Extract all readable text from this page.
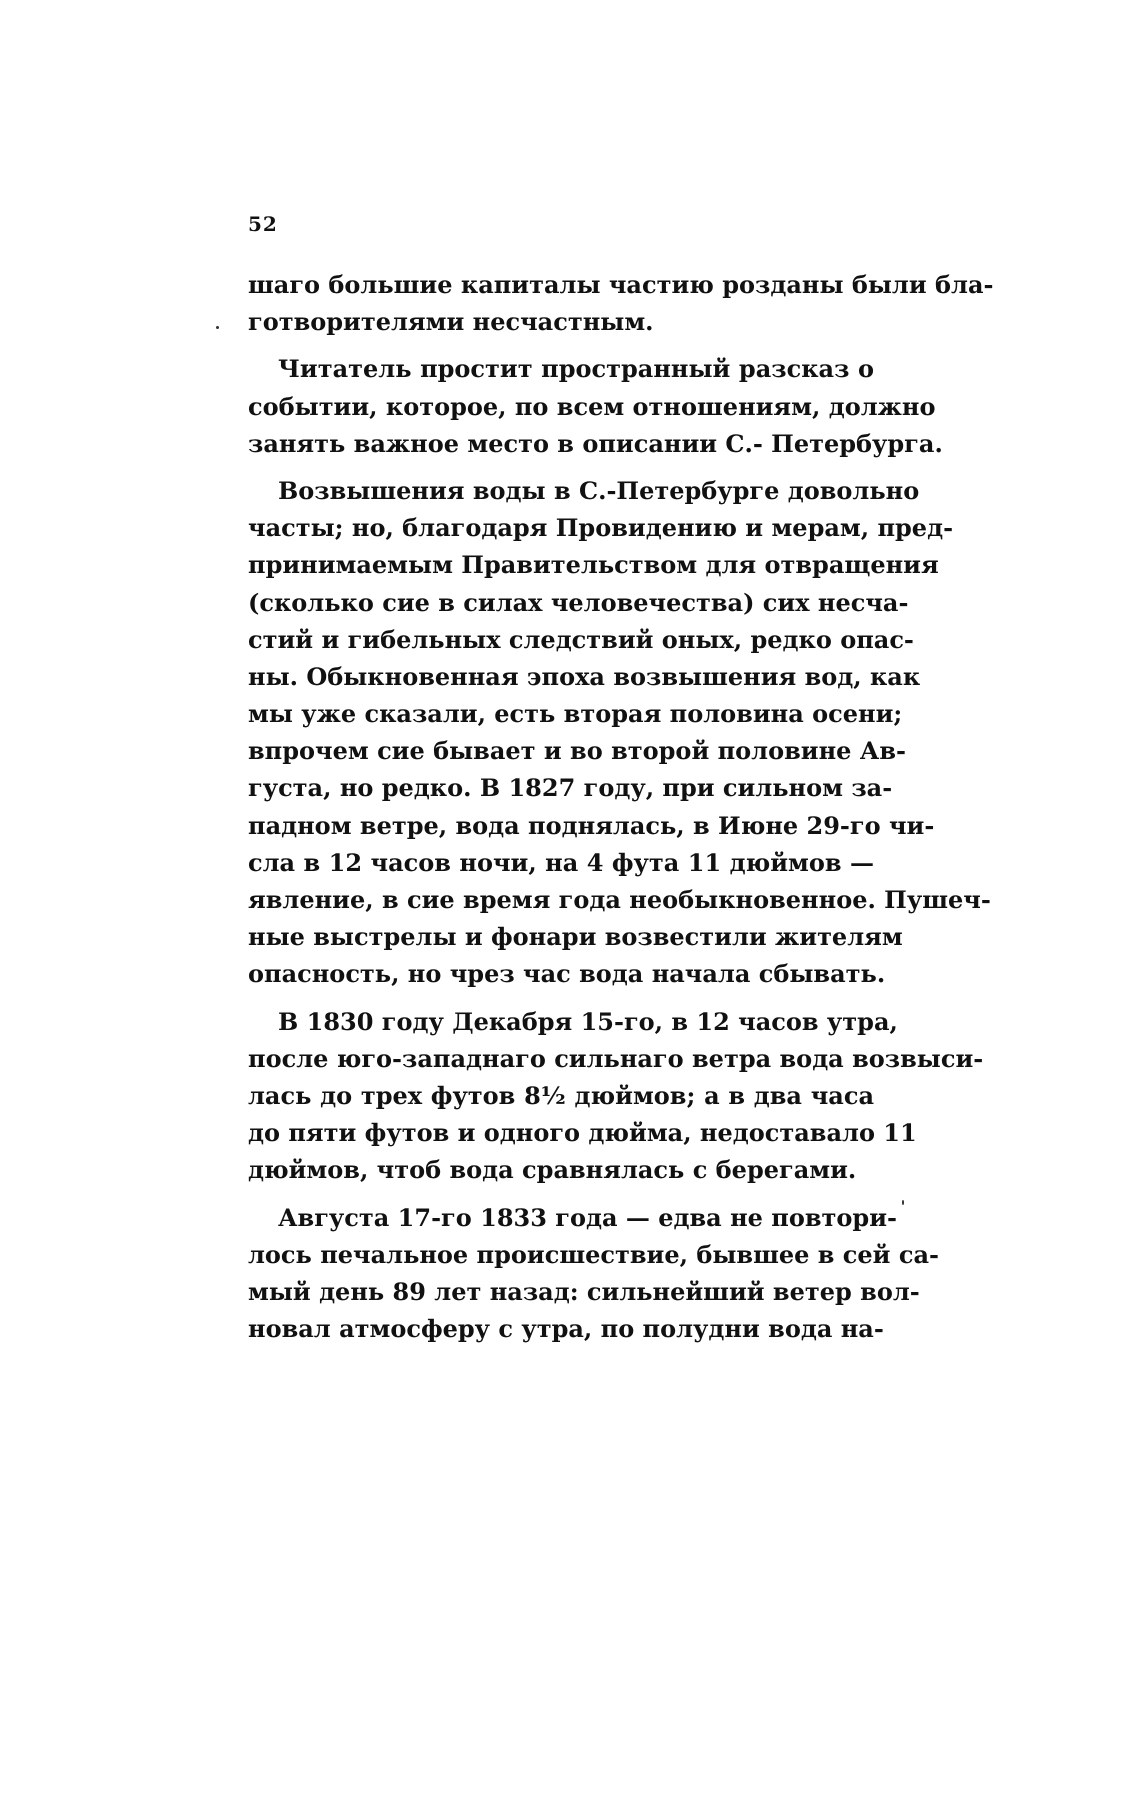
52
шаго большие капиталы частию розданы были бла-
готворителями несчастным.
Читатель простит пространный разсказ о
событии, которое, по всем отношениям, должно
занять важное место в описании С.- Петербурга.
Возвышения воды в С.-Петербурге довольно
часты; но, благодаря Провидению и мерам, пред-
принимаемым Правительством для отвращения
(сколько сие в силах человечества) сих несча-
стий и гибельных следствий оных, редко опас-
ны. Обыкновенная эпоха возвышения вод, как
мы уже сказали, есть вторая половина осени;
впрочем сие бывает и во второй половине Ав-
густа, но редко. В 1827 году, при сильном за-
падном ветре, вода поднялась, в Июне 29-го чи-
сла в 12 часов ночи, на 4 фута 11 дюймов —
явление, в сие время года необыкновенное. Пушеч-
ные выстрелы и фонари возвестили жителям
опасность, но чрез час вода начала сбывать.
В 1830 году Декабря 15-го, в 12 часов утра,
после юго-западнаго сильнаго ветра вода возвыси-
лась до трех футов 8½ дюймов; а в два часа
до пяти футов и одного дюйма, недоставало 11
дюймов, чтоб вода сравнялась с берегами.
Августа 17-го 1833 года — едва не повтори-
лось печальное происшествие, бывшее в сей са-
мый день 89 лет назад: сильнейший ветер вол-
новал атмосферу с утра, по полудни вода на-
